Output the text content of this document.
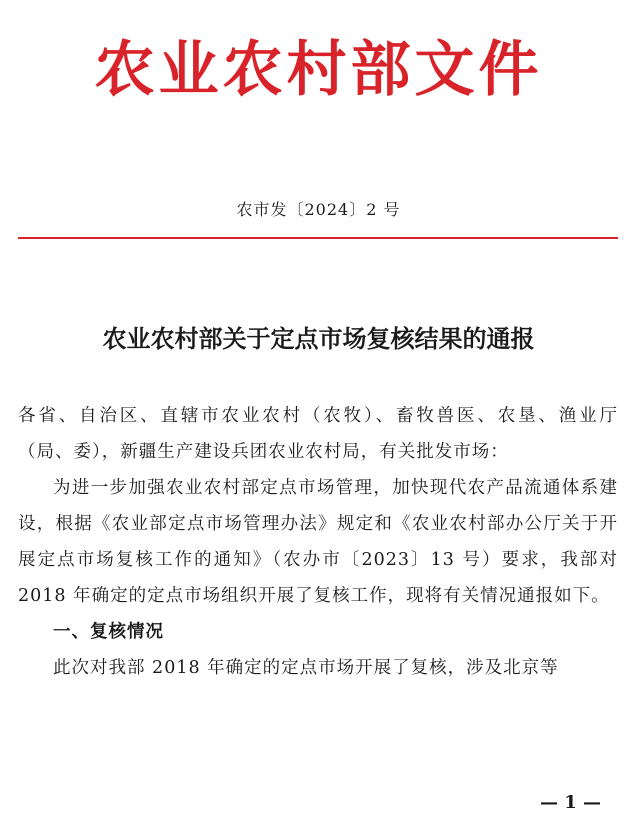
农业农村部文件
农市发〔2024〕2 号
农业农村部关于定点市场复核结果的通报

各省、自治区、直辖市农业农村（农牧）、畜牧兽医、农垦、渔业厅（局、委），新疆生产建设兵团农业农村局，有关批发市场：

为进一步加强农业农村部定点市场管理，加快现代农产品流通体系建设，根据《农业部定点市场管理办法》规定和《农业农村部办公厅关于开展定点市场复核工作的通知》（农办市〔2023〕13 号）要求，我部对 2018 年确定的定点市场组织开展了复核工作，现将有关情况通报如下。

一、复核情况

此次对我部 2018 年确定的定点市场开展了复核，涉及北京等

— 1 —
